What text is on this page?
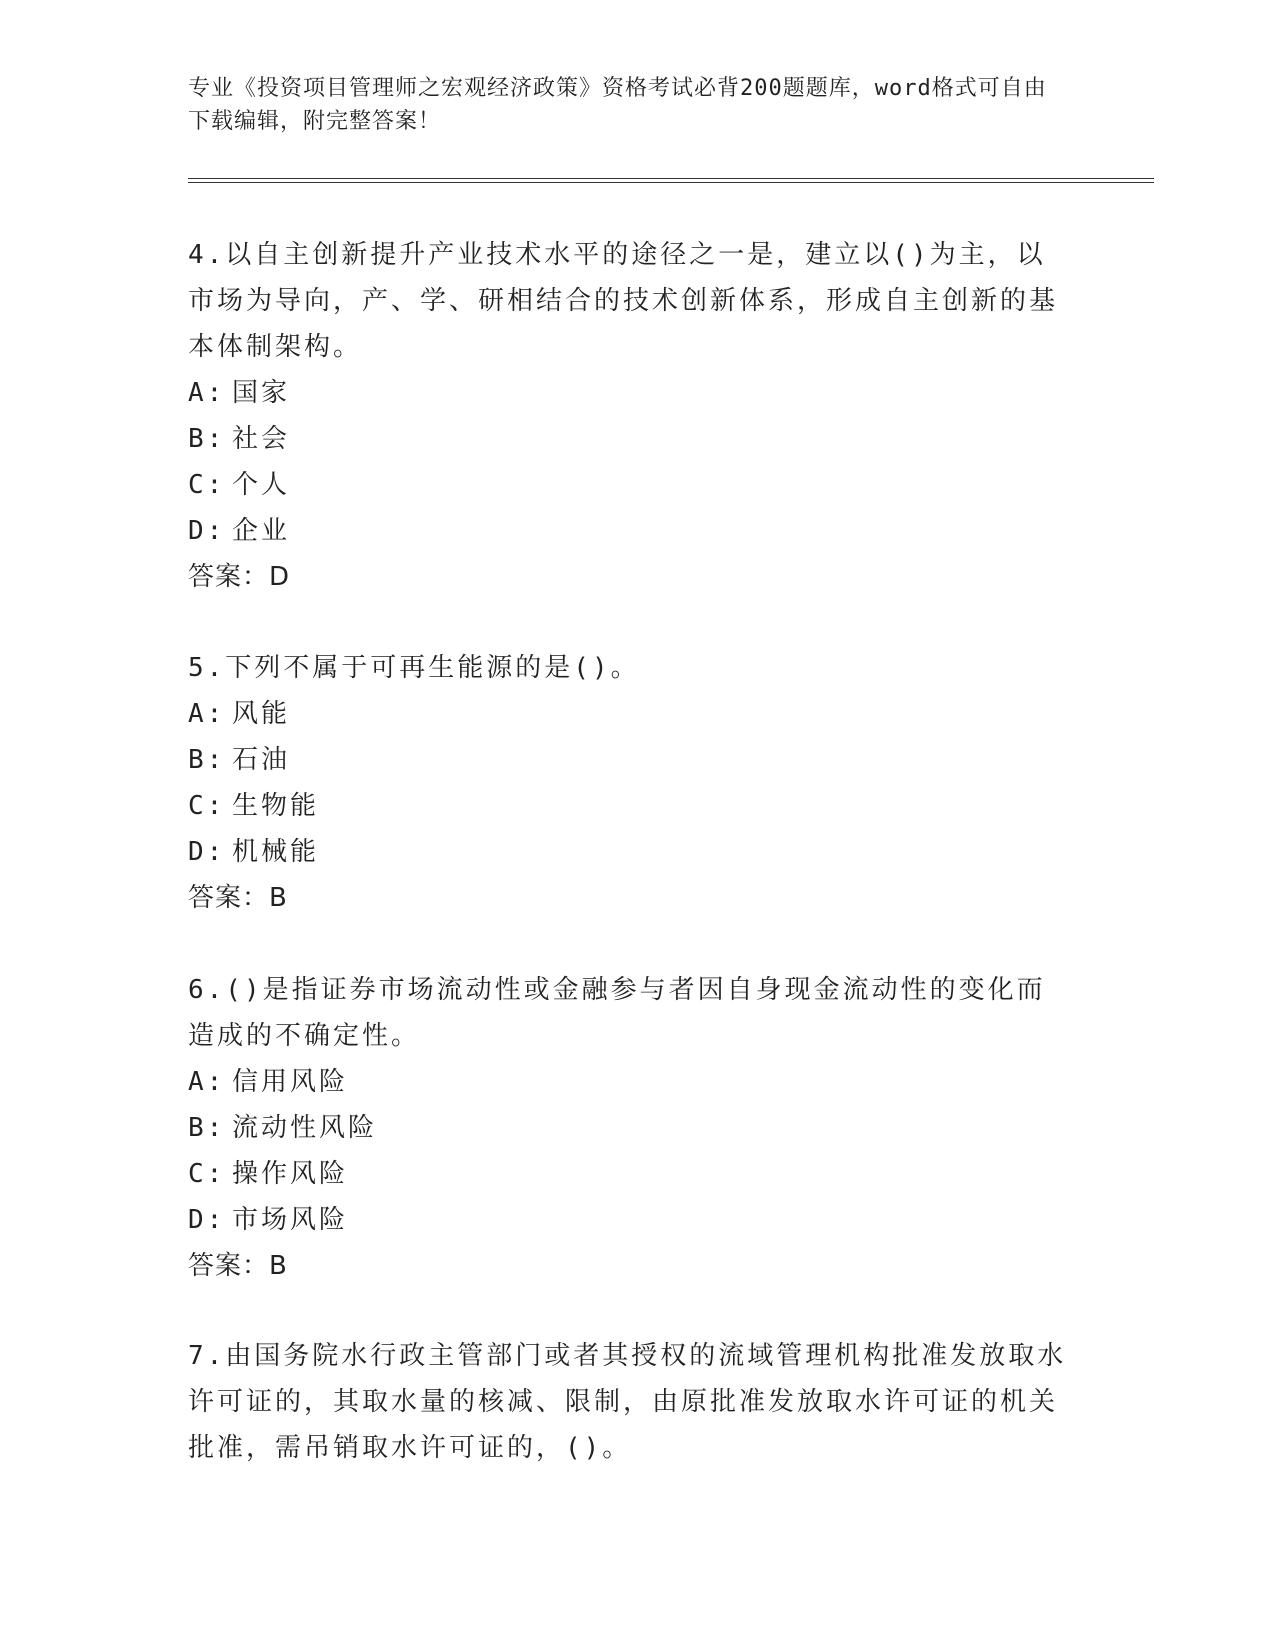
专业《投资项目管理师之宏观经济政策》资格考试必背200题题库，word格式可自由下载编辑，附完整答案！

4.以自主创新提升产业技术水平的途径之一是，建立以()为主，以市场为导向，产、学、研相结合的技术创新体系，形成自主创新的基本体制架构。

A: 国家

B: 社会

C: 个人

D: 企业

答案：D

5.下列不属于可再生能源的是()。

A: 风能

B: 石油

C: 生物能

D: 机械能

答案：B

6.()是指证券市场流动性或金融参与者因自身现金流动性的变化而造成的不确定性。

A: 信用风险

B: 流动性风险

C: 操作风险

D: 市场风险

答案：B

7.由国务院水行政主管部门或者其授权的流域管理机构批准发放取水许可证的，其取水量的核减、限制，由原批准发放取水许可证的机关批准，需吊销取水许可证的，()。
